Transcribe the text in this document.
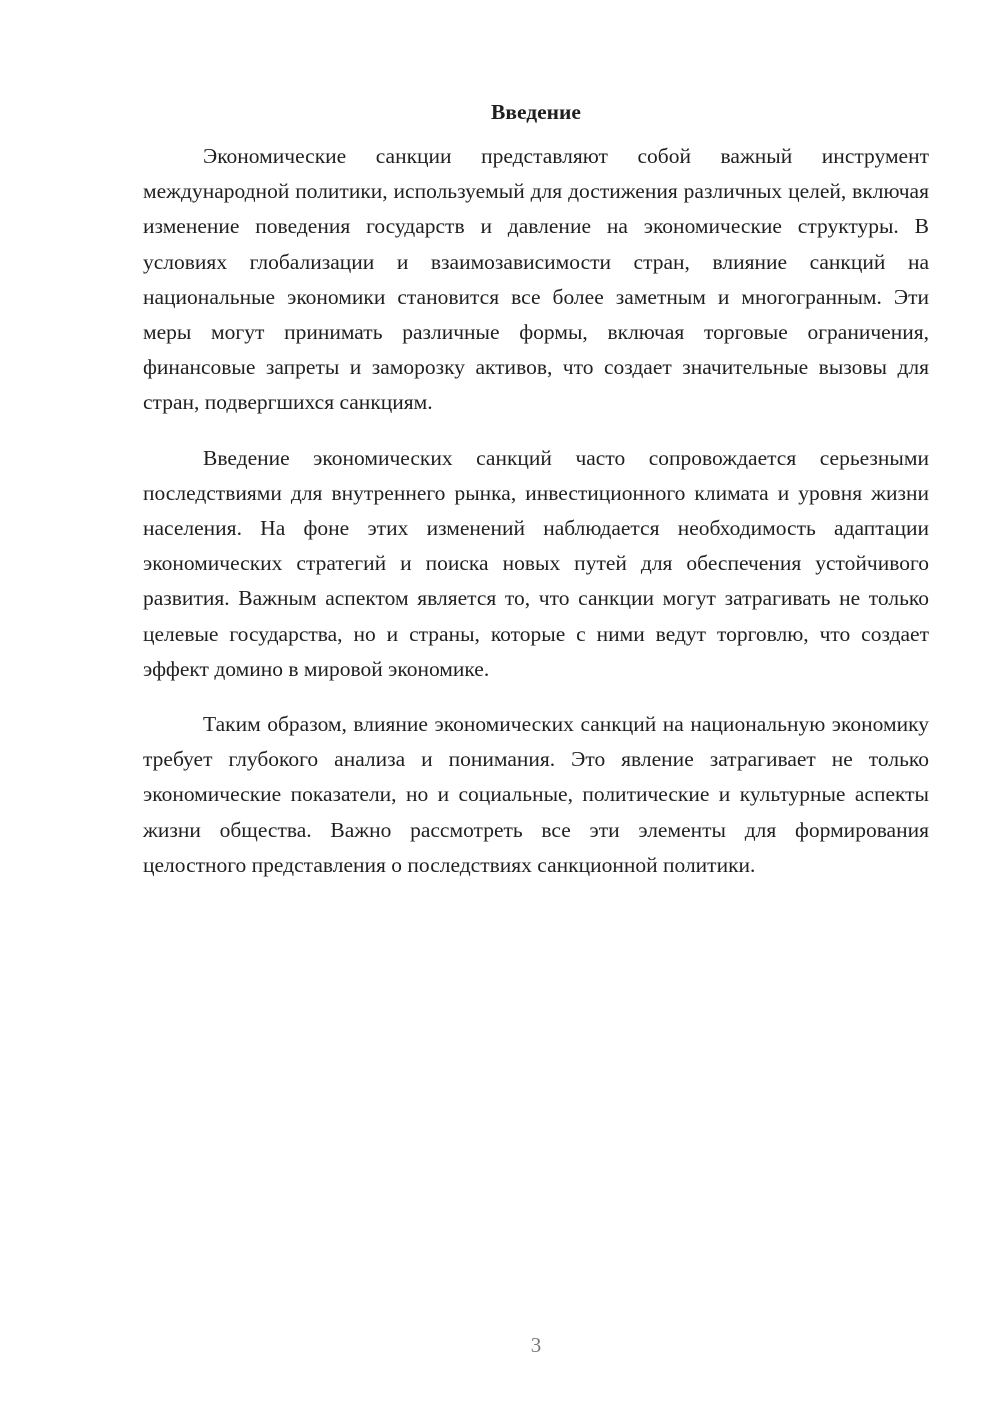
Введение

Экономические санкции представляют собой важный инструмент международной политики, используемый для достижения различных целей, включая изменение поведения государств и давление на экономические структуры. В условиях глобализации и взаимозависимости стран, влияние санкций на национальные экономики становится все более заметным и многогранным. Эти меры могут принимать различные формы, включая торговые ограничения, финансовые запреты и заморозку активов, что создает значительные вызовы для стран, подвергшихся санкциям.

Введение экономических санкций часто сопровождается серьезными последствиями для внутреннего рынка, инвестиционного климата и уровня жизни населения. На фоне этих изменений наблюдается необходимость адаптации экономических стратегий и поиска новых путей для обеспечения устойчивого развития. Важным аспектом является то, что санкции могут затрагивать не только целевые государства, но и страны, которые с ними ведут торговлю, что создает эффект домино в мировой экономике.

Таким образом, влияние экономических санкций на национальную экономику требует глубокого анализа и понимания. Это явление затрагивает не только экономические показатели, но и социальные, политические и культурные аспекты жизни общества. Важно рассмотреть все эти элементы для формирования целостного представления о последствиях санкционной политики.

3
